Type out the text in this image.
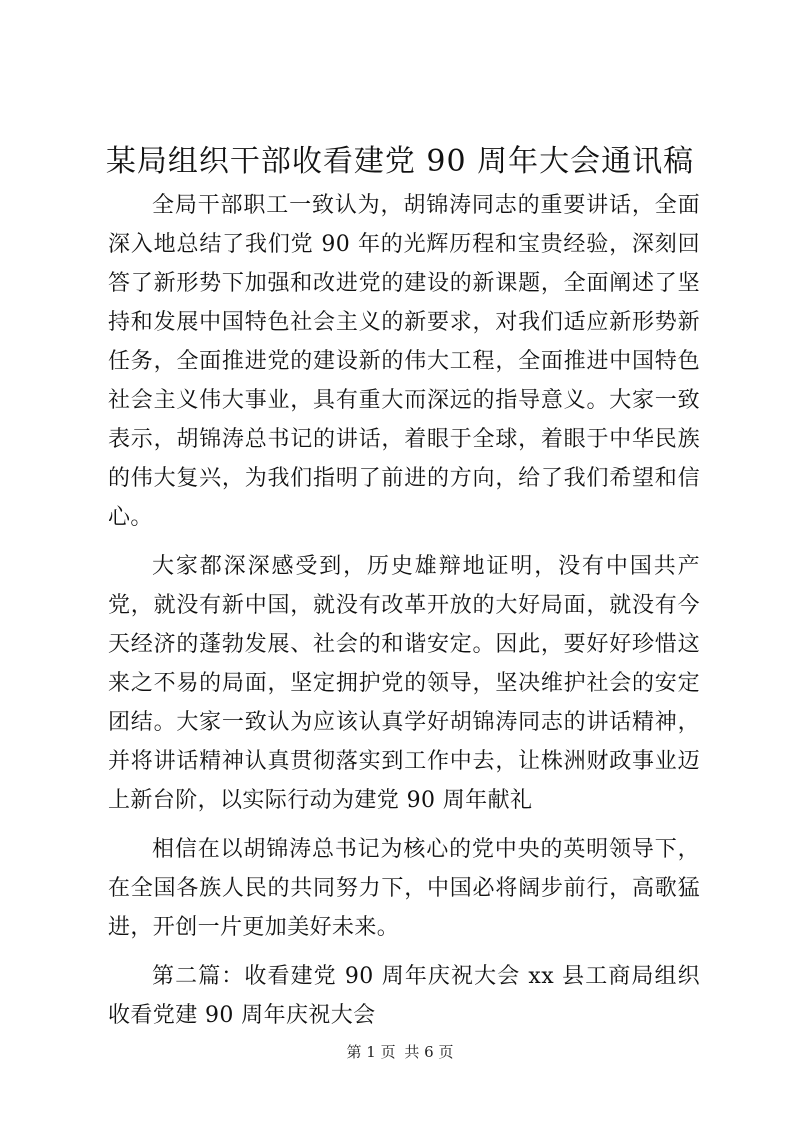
某局组织干部收看建党 90 周年大会通讯稿

全局干部职工一致认为，胡锦涛同志的重要讲话，全面深入地总结了我们党 90 年的光辉历程和宝贵经验，深刻回答了新形势下加强和改进党的建设的新课题，全面阐述了坚持和发展中国特色社会主义的新要求，对我们适应新形势新任务，全面推进党的建设新的伟大工程，全面推进中国特色社会主义伟大事业，具有重大而深远的指导意义。大家一致表示，胡锦涛总书记的讲话，着眼于全球，着眼于中华民族的伟大复兴，为我们指明了前进的方向，给了我们希望和信心。

大家都深深感受到，历史雄辩地证明，没有中国共产党，就没有新中国，就没有改革开放的大好局面，就没有今天经济的蓬勃发展、社会的和谐安定。因此，要好好珍惜这来之不易的局面，坚定拥护党的领导，坚决维护社会的安定团结。大家一致认为应该认真学好胡锦涛同志的讲话精神，并将讲话精神认真贯彻落实到工作中去，让株洲财政事业迈上新台阶，以实际行动为建党 90 周年献礼

相信在以胡锦涛总书记为核心的党中央的英明领导下，在全国各族人民的共同努力下，中国必将阔步前行，高歌猛进，开创一片更加美好未来。

第二篇：收看建党 90 周年庆祝大会 xx 县工商局组织收看党建 90 周年庆祝大会

第 1 页 共 6 页
